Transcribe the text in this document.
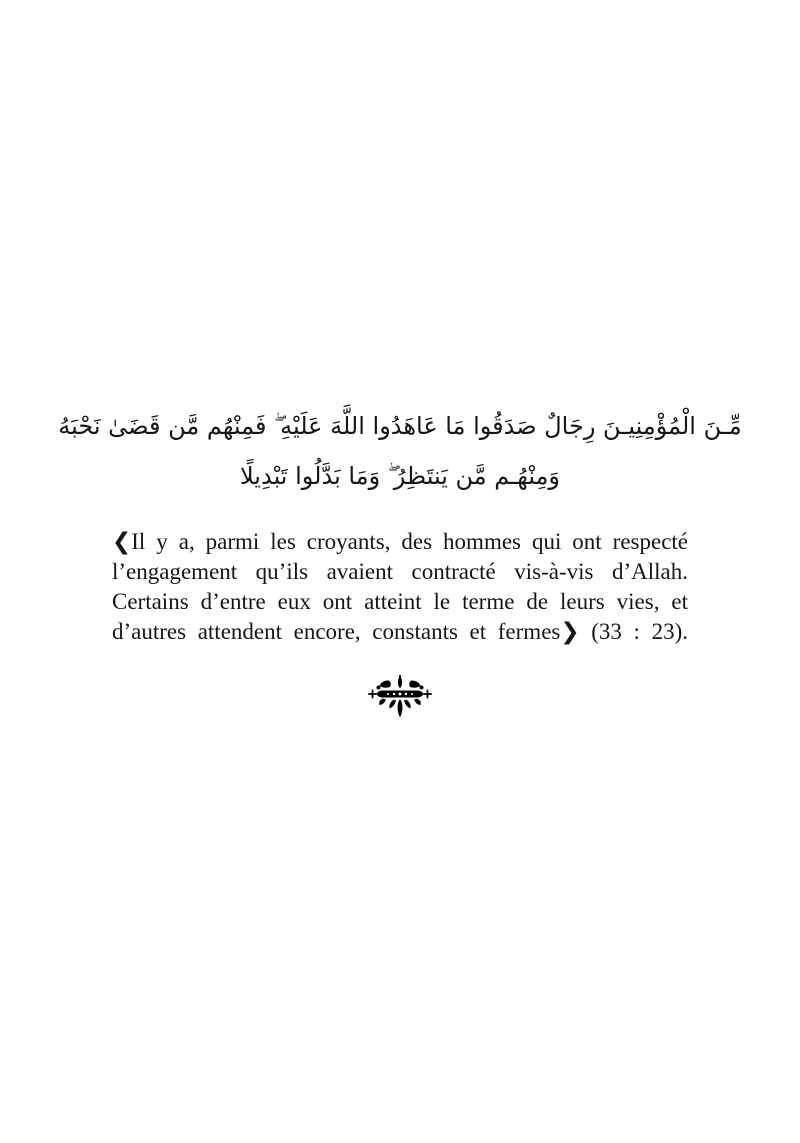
مِّـنَ الْمُؤْمِنِيـنَ رِجَالٌ صَدَقُوا مَا عَاهَدُوا اللَّهَ عَلَيْهِ ۖ فَمِنْهُم مَّن قَضَىٰ نَحْبَهُ
وَمِنْهُـم مَّن يَنتَظِرُ ۖ وَمَا بَدَّلُوا تَبْدِيلًا
❮Il y a, parmi les croyants, des hommes qui ont respecté
l’engagement qu’ils avaient contracté vis-à-vis d’Allah.
Certains d’entre eux ont atteint le terme de leurs vies, et
d’autres attendent encore, constants et fermes❯ (33 : 23).
